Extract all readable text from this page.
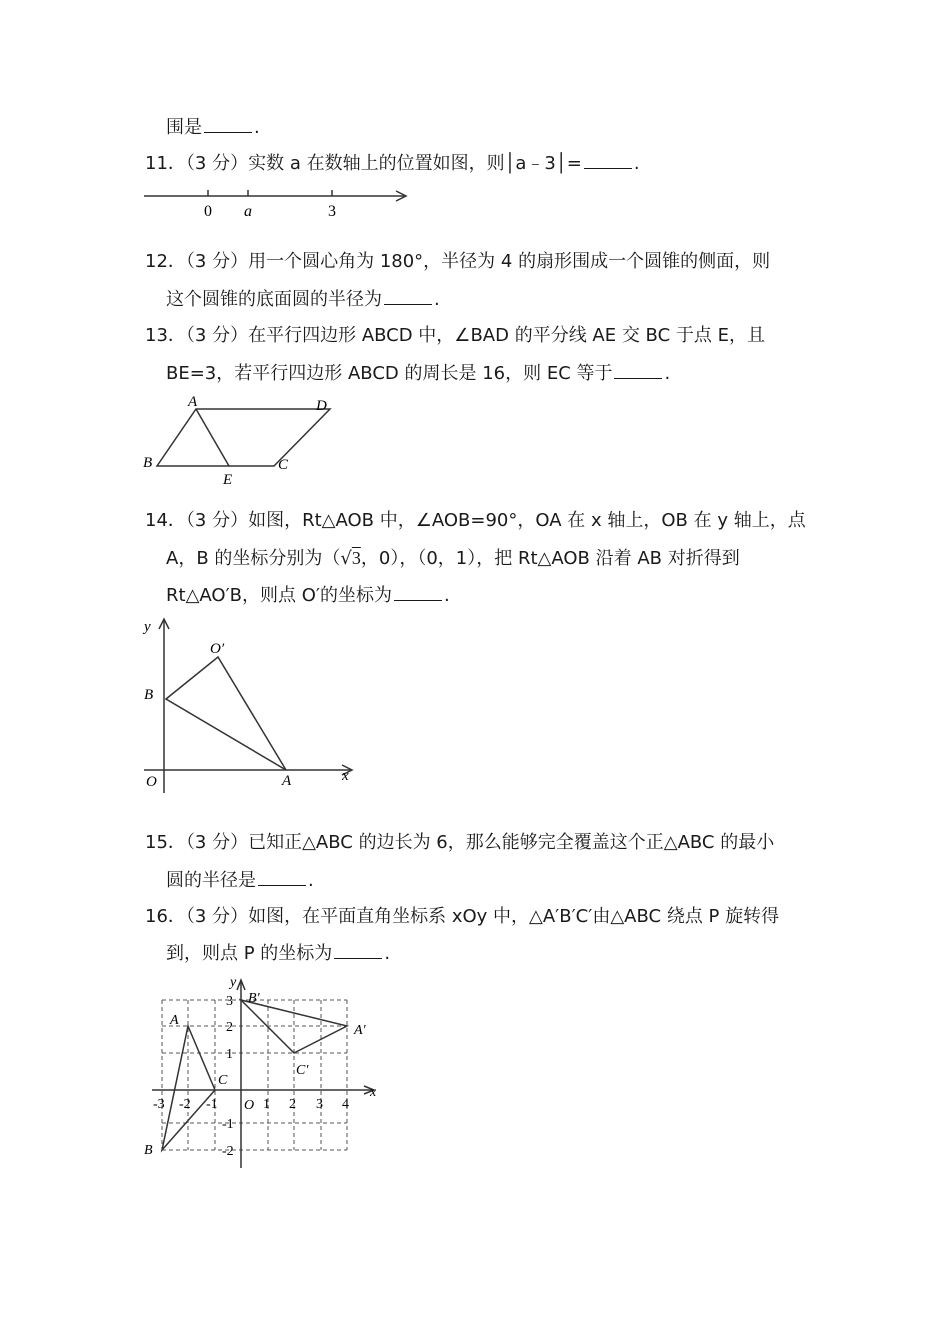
围是	.
11．（3 分）实数 a 在数轴上的位置如图，则│a﹣3│=	.
0 a	3
12．（3 分）用一个圆心角为 180°，半径为 4 的扇形围成一个圆锥的侧面，则
这个圆锥的底面圆的半径为	.
13．（3 分）在平行四边形 ABCD 中，∠BAD 的平分线 AE 交 BC 于点 E，且
BE=3，若平行四边形 ABCD 的周长是 16，则 EC 等于	.
A	D
B	C
E
14．（3 分）如图，Rt△AOB 中，∠AOB=90°，OA 在 x 轴上，OB 在 y 轴上，点
A，B 的坐标分别为（√3，0），（0，1），把 Rt△AOB 沿着 AB 对折得到
Rt△AO′B，则点 O′的坐标为	.
y
x
O	A
B
O′
15．（3 分）已知正△ABC 的边长为 6，那么能够完全覆盖这个正△ABC 的最小
圆的半径是	.
16．（3 分）如图，在平面直角坐标系 xOy 中，△A′B′C′由△ABC 绕点 P 旋转得
到，则点 P 的坐标为	.
y
x
O
A
B
C
A′
B′
C′
-3 -2 -1	1 2 3 4
3
2
1
-1
-2
